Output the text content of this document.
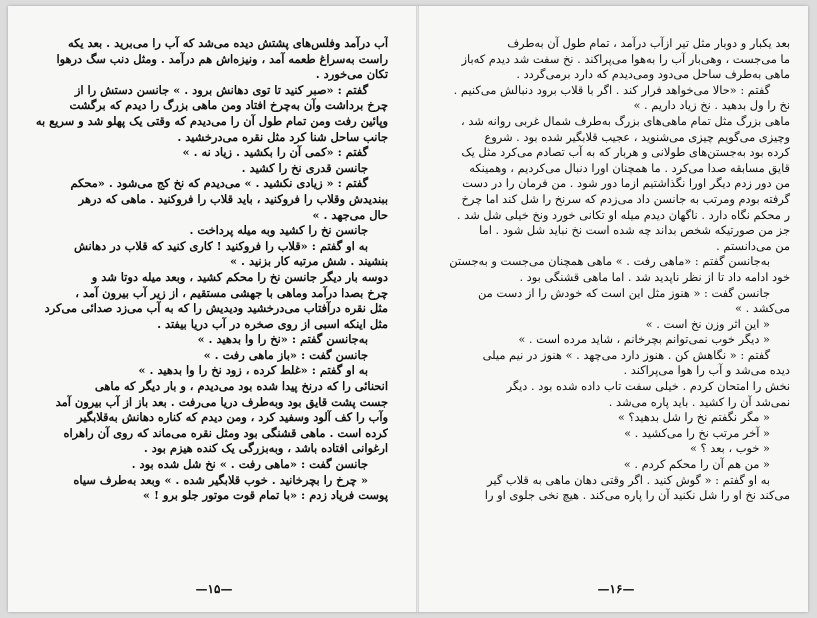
آب درآمد وفلس‌های پشتش دیده می‌شد که آب را می‌برید . بعد یکه
راست به‌سراغ طعمه آمد ، ونیزه‌اش هم درآمد . ومثل دنب سگ درهوا
تکان می‌خورد .
گفتم : «صبر کنید تا توی دهانش برود . » جانسن دستش را از
چرخ برداشت وآن به‌چرخ افتاد ومن ماهی بزرگ را دیدم که برگشت
وپائین رفت ومن تمام طول آن را می‌دیدم که وقتی یک پهلو شد و سریع به
جانب ساحل شنا کرد مثل نقره می‌درخشید .
گفتم : «کمی آن را بکشید . زیاد نه . »
جانسن قدری نخ را کشید .
گفتم : « زیادی نکشید . » می‌دیدم که نخ کج می‌شود . «محکم
ببندیدش وقلاب را فروکنید ، باید قلاب را فروکنید . ماهی که درهر
حال می‌جهد . »
جانسن نخ را کشید وبه میله پرداخت .
به او گفتم : «قلاب را فروکنید ! کاری کنید که قلاب در دهانش
بنشیند . شش مرتبه کار بزنید . »
دوسه بار دیگر جانسن نخ را محکم کشید ، وبعد میله دوتا شد و
چرخ بصدا درآمد وماهی با جهشی مستقیم ، از زیر آب بیرون آمد ،
مثل نقره درآفتاب می‌درخشید ودیدیش را که به آب می‌زد صدائی می‌کرد
مثل اینکه اسبی از روی صخره در آب دریا بیفتد .
به‌جانسن گفتم : «نخ را وا بدهید . »
جانسن گفت : «باز ماهی رفت . »
به او گفتم : «غلط کرده ، زود نخ را وا بدهید . »
انحنائی را که درنخ پیدا شده بود می‌دیدم ، و بار دیگر که ماهی
جست پشت قایق بود وبه‌طرف دریا می‌رفت . بعد باز از آب بیرون آمد
وآب را کف آلود وسفید کرد ، ومن دیدم که کناره دهانش به‌قلابگیر
کرده است . ماهی قشنگی بود ومثل نقره می‌ماند که روی آن راهراه
ارغوانی افتاده باشد ، وبه‌بزرگی یک کنده هیزم بود .
جانسن گفت : «ماهی رفت . » نخ شل شده بود .
« چرخ را بچرخانید . خوب قلابگیر شده . » وبعد به‌طرف سیاه
پوست فریاد زدم : «با تمام قوت موتور جلو برو ! »
بعد یکبار و دوبار مثل تیر ازآب درآمد ، تمام طول آن به‌طرف
ما می‌جست ، وهی‌بار آب را به‌هوا می‌پراکند . نخ سفت شد دیدم که‌باز
ماهی به‌طرف ساحل می‌دود ومی‌دیدم که دارد برمی‌گردد .
گفتم : «حالا می‌خواهد فرار کند . اگر با قلاب برود دنبالش می‌کنیم .
نخ را ول بدهید . نخ زیاد داریم . »
ماهی بزرگ مثل تمام ماهی‌های بزرگ به‌طرف شمال غربی روانه شد ،
وچیزی می‌گویم چیزی می‌شنوید ، عجیب قلابگیر شده بود . شروع
کرده بود به‌جستن‌های طولانی و هربار که به آب تصادم می‌کرد مثل یک
قایق مسابقه صدا می‌کرد . ما همچنان اورا دنبال می‌کردیم ، وهمینکه
من دور زدم دیگر اورا نگذاشتیم ازما دور شود . من فرمان را در دست
گرفته بودم ومرتب به جانسن داد می‌زدم که سرنخ را شل کند اما چرخ
ر محکم نگاه دارد . ناگهان دیدم میله او تکانی خورد ونخ خیلی شل شد .
جز من صورتیکه شخص بداند چه شده است نخ نباید شل شود . اما
من می‌دانستم .
به‌جانسن گفتم : «ماهی رفت . » ماهی همچنان می‌جست و به‌جستن
خود ادامه داد تا از نظر ناپدید شد . اما ماهی قشنگی بود .
جانسن گفت : « هنوز مثل این است که خودش را از دست من
می‌کشد . »
« این اثر وزن نخ است . »
« دیگر خوب نمی‌توانم بچرخانم ، شاید مرده است . »
گفتم : « نگاهش کن . هنوز دارد می‌چهد . » هنوز در نیم میلی
دیده می‌شد و آب را هوا می‌پراکند .
نخش را امتحان کردم . خیلی سفت تاب داده شده بود . دیگر
نمی‌شد آن را کشید . باید پاره می‌شد .
« مگر نگفتم نخ را شل بدهید؟ »
« آخر مرتب نخ را می‌کشید . »
« خوب ، بعد ؟ »
« من هم آن را محکم کردم . »
به او گفتم : « گوش کنید . اگر وقتی دهان ماهی به قلاب گیر
می‌کند نخ او را شل نکنید آن را پاره می‌کند . هیچ نخی جلوی او را
—١۵—	—١۶—
